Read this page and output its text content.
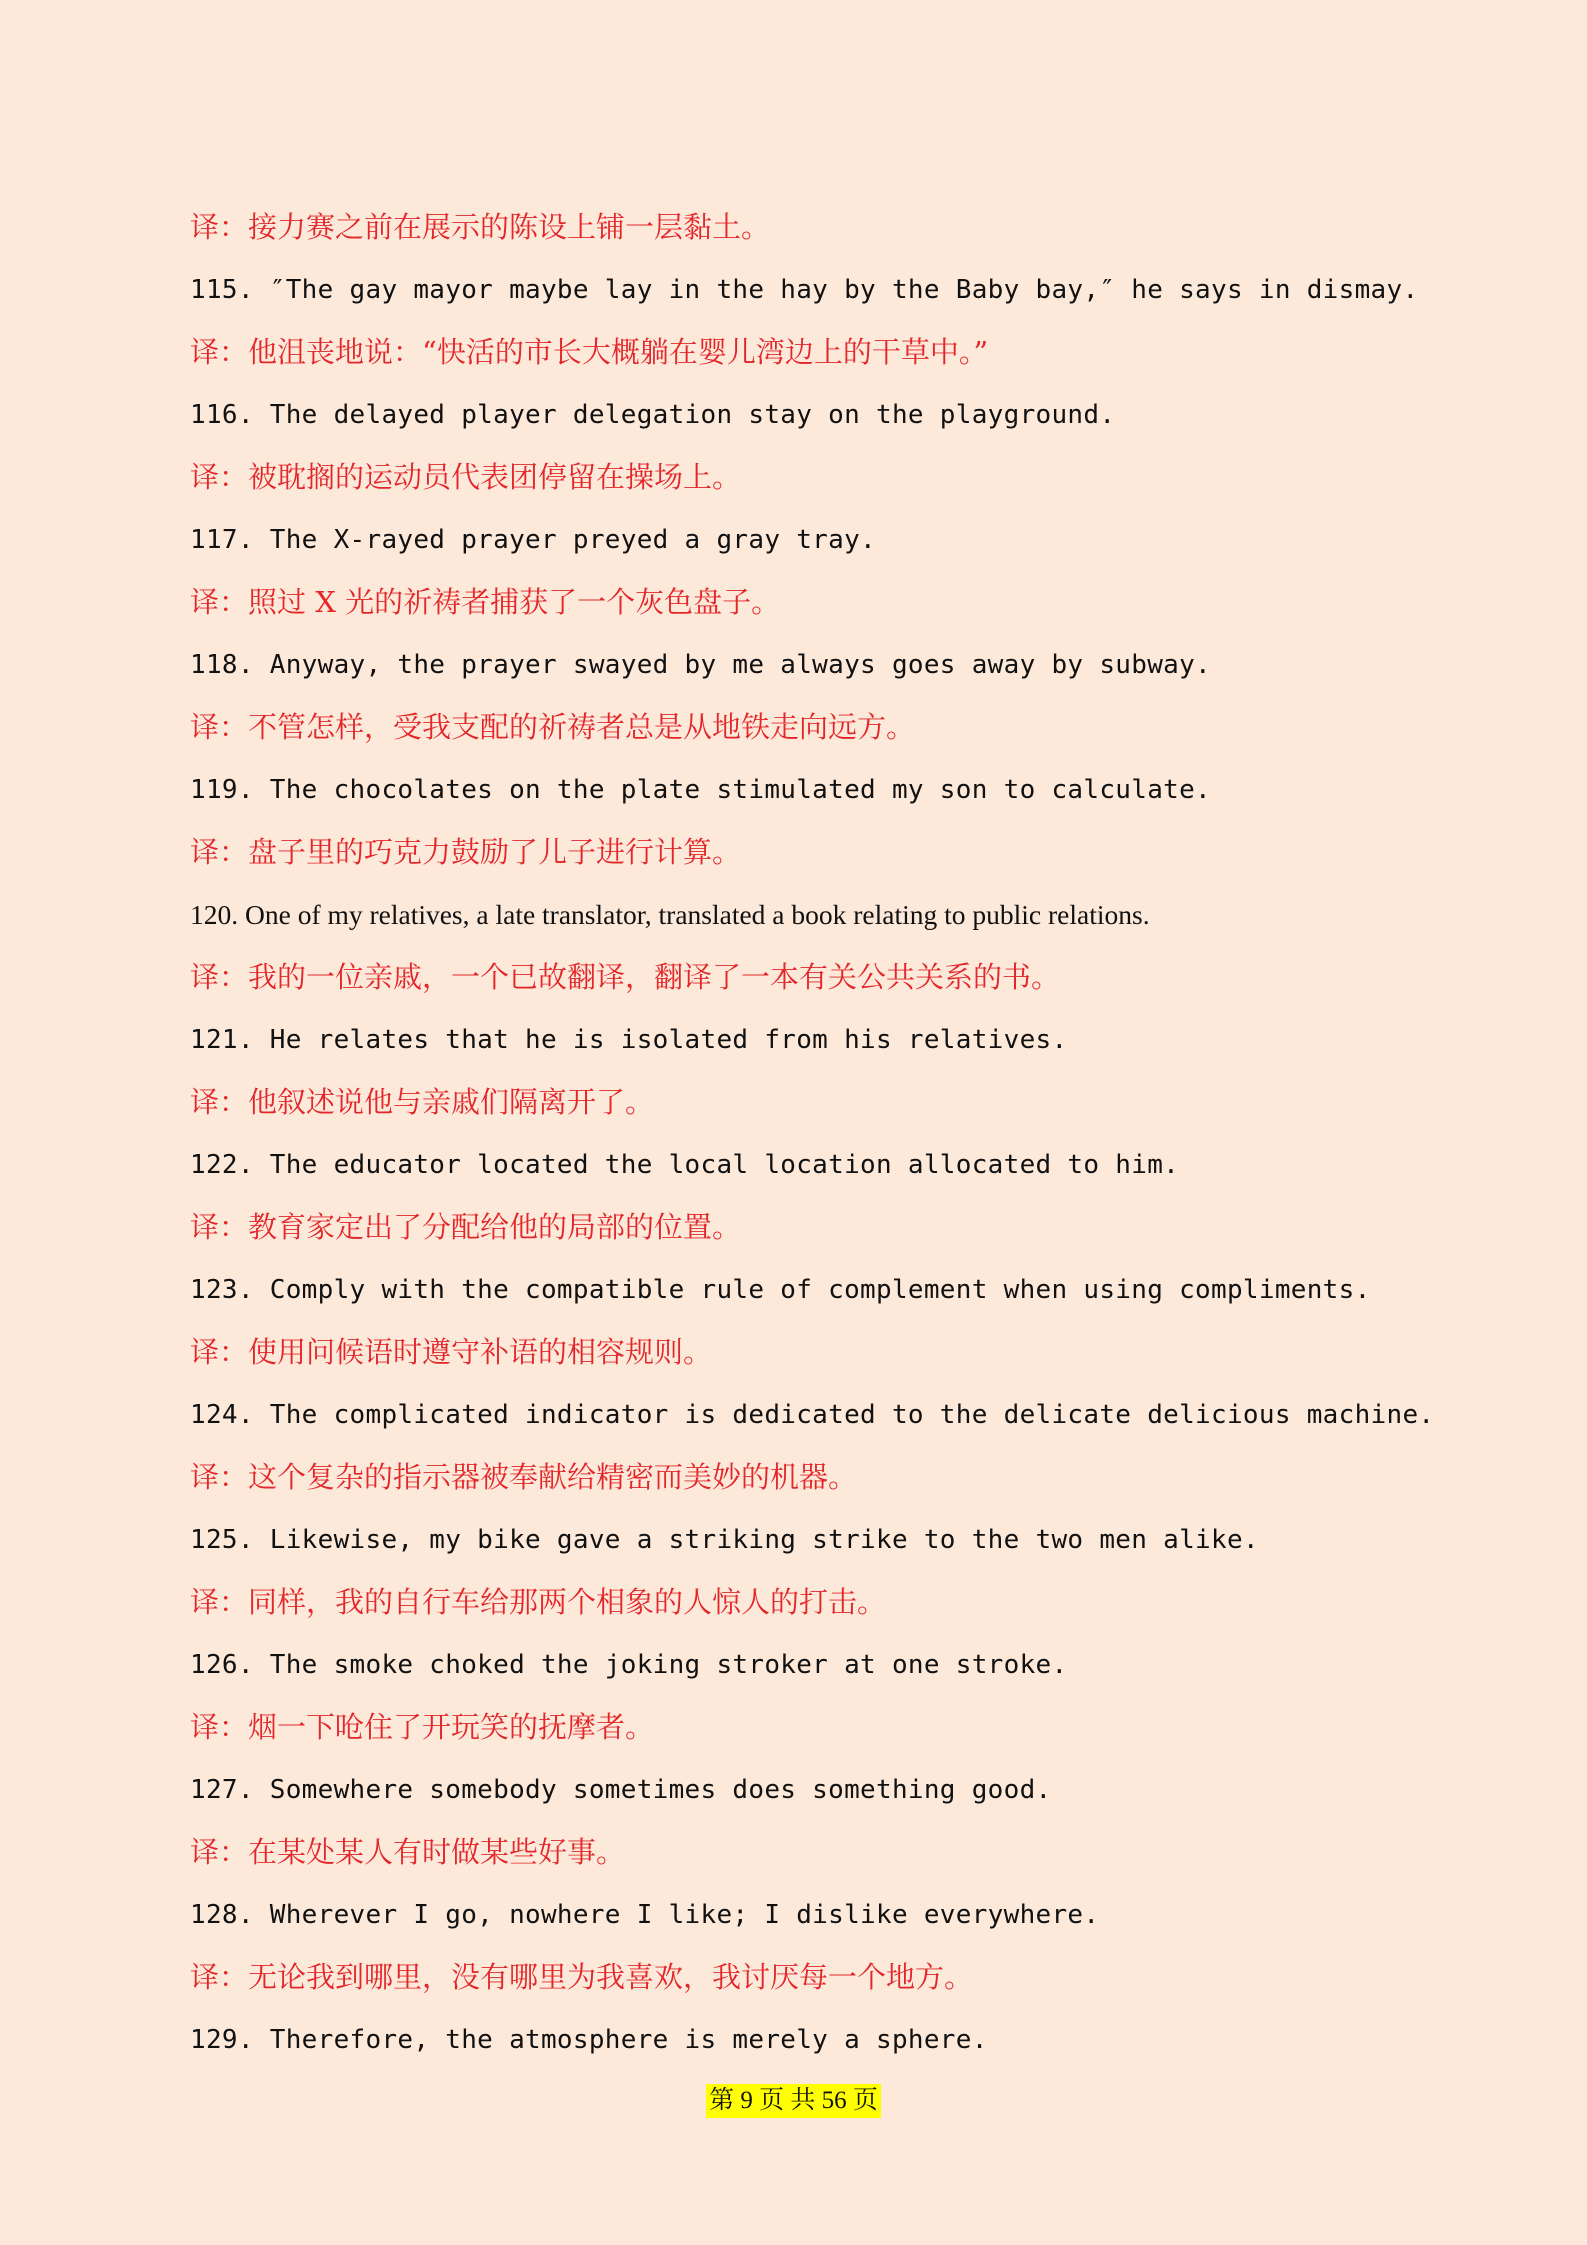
译：接力赛之前在展示的陈设上铺一层黏土。
115. ″The gay mayor maybe lay in the hay by the Baby bay,″ he says in dismay.
译：他沮丧地说：“快活的市长大概躺在婴儿湾边上的干草中。”
116. The delayed player delegation stay on the playground.
译：被耽搁的运动员代表团停留在操场上。
117. The X-rayed prayer preyed a gray tray.
译：照过 X 光的祈祷者捕获了一个灰色盘子。
118. Anyway, the prayer swayed by me always goes away by subway.
译：不管怎样，受我支配的祈祷者总是从地铁走向远方。
119. The chocolates on the plate stimulated my son to calculate.
译：盘子里的巧克力鼓励了儿子进行计算。
120. One of my relatives, a late translator, translated a book relating to public relations.
译：我的一位亲戚，一个已故翻译，翻译了一本有关公共关系的书。
121. He relates that he is isolated from his relatives.
译：他叙述说他与亲戚们隔离开了。
122. The educator located the local location allocated to him.
译：教育家定出了分配给他的局部的位置。
123. Comply with the compatible rule of complement when using compliments.
译：使用问候语时遵守补语的相容规则。
124. The complicated indicator is dedicated to the delicate delicious machine.
译：这个复杂的指示器被奉献给精密而美妙的机器。
125. Likewise, my bike gave a striking strike to the two men alike.
译：同样，我的自行车给那两个相象的人惊人的打击。
126. The smoke choked the joking stroker at one stroke.
译：烟一下呛住了开玩笑的抚摩者。
127. Somewhere somebody sometimes does something good.
译：在某处某人有时做某些好事。
128. Wherever I go, nowhere I like; I dislike everywhere.
译：无论我到哪里，没有哪里为我喜欢，我讨厌每一个地方。
129. Therefore, the atmosphere is merely a sphere.
第 9 页 共 56 页
